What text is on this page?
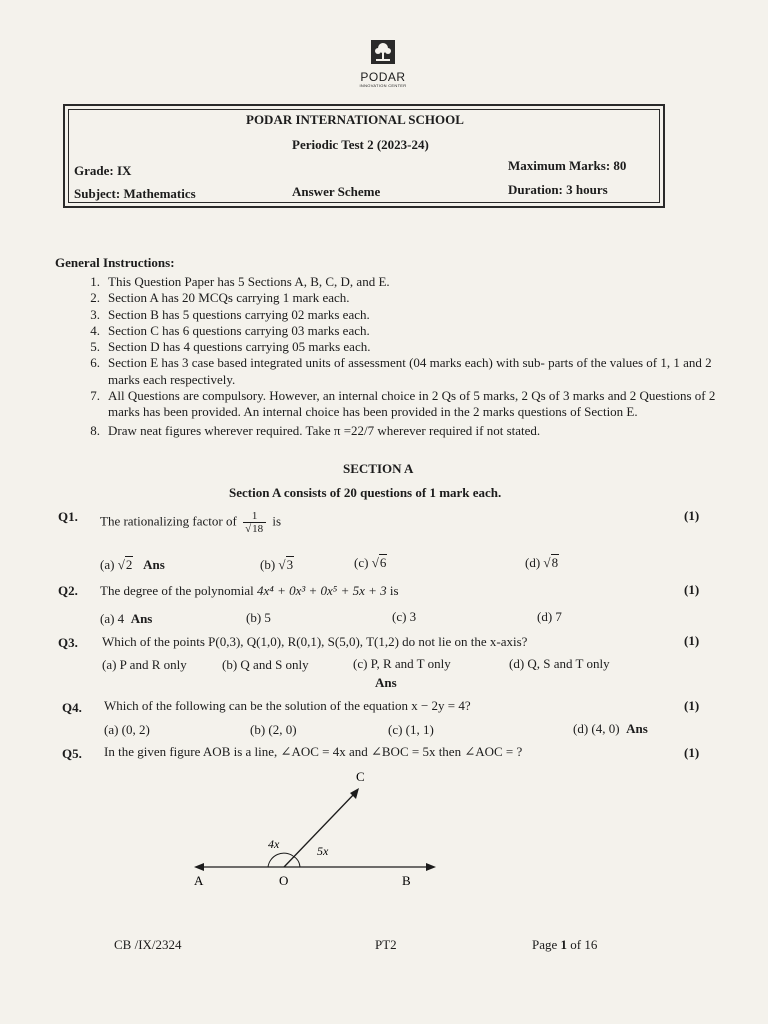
PODAR
INNOVATION CENTER
PODAR INTERNATIONAL SCHOOL
Periodic Test 2 (2023-24)
Grade: IX	Maximum Marks: 80
Subject: Mathematics	Answer Scheme	Duration: 3 hours
General Instructions:
1. This Question Paper has 5 Sections A, B, C, D, and E.
2. Section A has 20 MCQs carrying 1 mark each.
3. Section B has 5 questions carrying 02 marks each.
4. Section C has 6 questions carrying 03 marks each.
5. Section D has 4 questions carrying 05 marks each.
6. Section E has 3 case based integrated units of assessment (04 marks each) with sub- parts of the values of 1, 1 and 2 marks each respectively.
7. All Questions are compulsory. However, an internal choice in 2 Qs of 5 marks, 2 Qs of 3 marks and 2 Questions of 2 marks has been provided. An internal choice has been provided in the 2 marks questions of Section E.
8. Draw neat figures wherever required. Take π =22/7 wherever required if not stated.
SECTION A
Section A consists of 20 questions of 1 mark each.
Q1. The rationalizing factor of $\frac{1}{√18}$ is	(1)
(a) √2 Ans	(b) √3	(c) √6	(d) √8
Q2. The degree of the polynomial 4x⁴ + 0x³ + 0x⁵ + 5x + 3 is	(1)
(a) 4 Ans	(b) 5	(c) 3	(d) 7
Q3. Which of the points P(0,3), Q(1,0), R(0,1), S(5,0), T(1,2) do not lie on the x-axis?	(1)
(a) P and R only	(b) Q and S only	(c) P, R and T only	(d) Q, S and T only
Ans
Q4. Which of the following can be the solution of the equation x − 2y = 4?	(1)
(a) (0, 2)	(b) (2, 0)	(c) (1, 1)	(d) (4, 0) Ans
Q5. In the given figure AOB is a line, ∠AOC = 4x and ∠BOC = 5x then ∠AOC = ?	(1)
C
4x	5x
A	O	B
CB /IX/2324	PT2	Page 1 of 16
